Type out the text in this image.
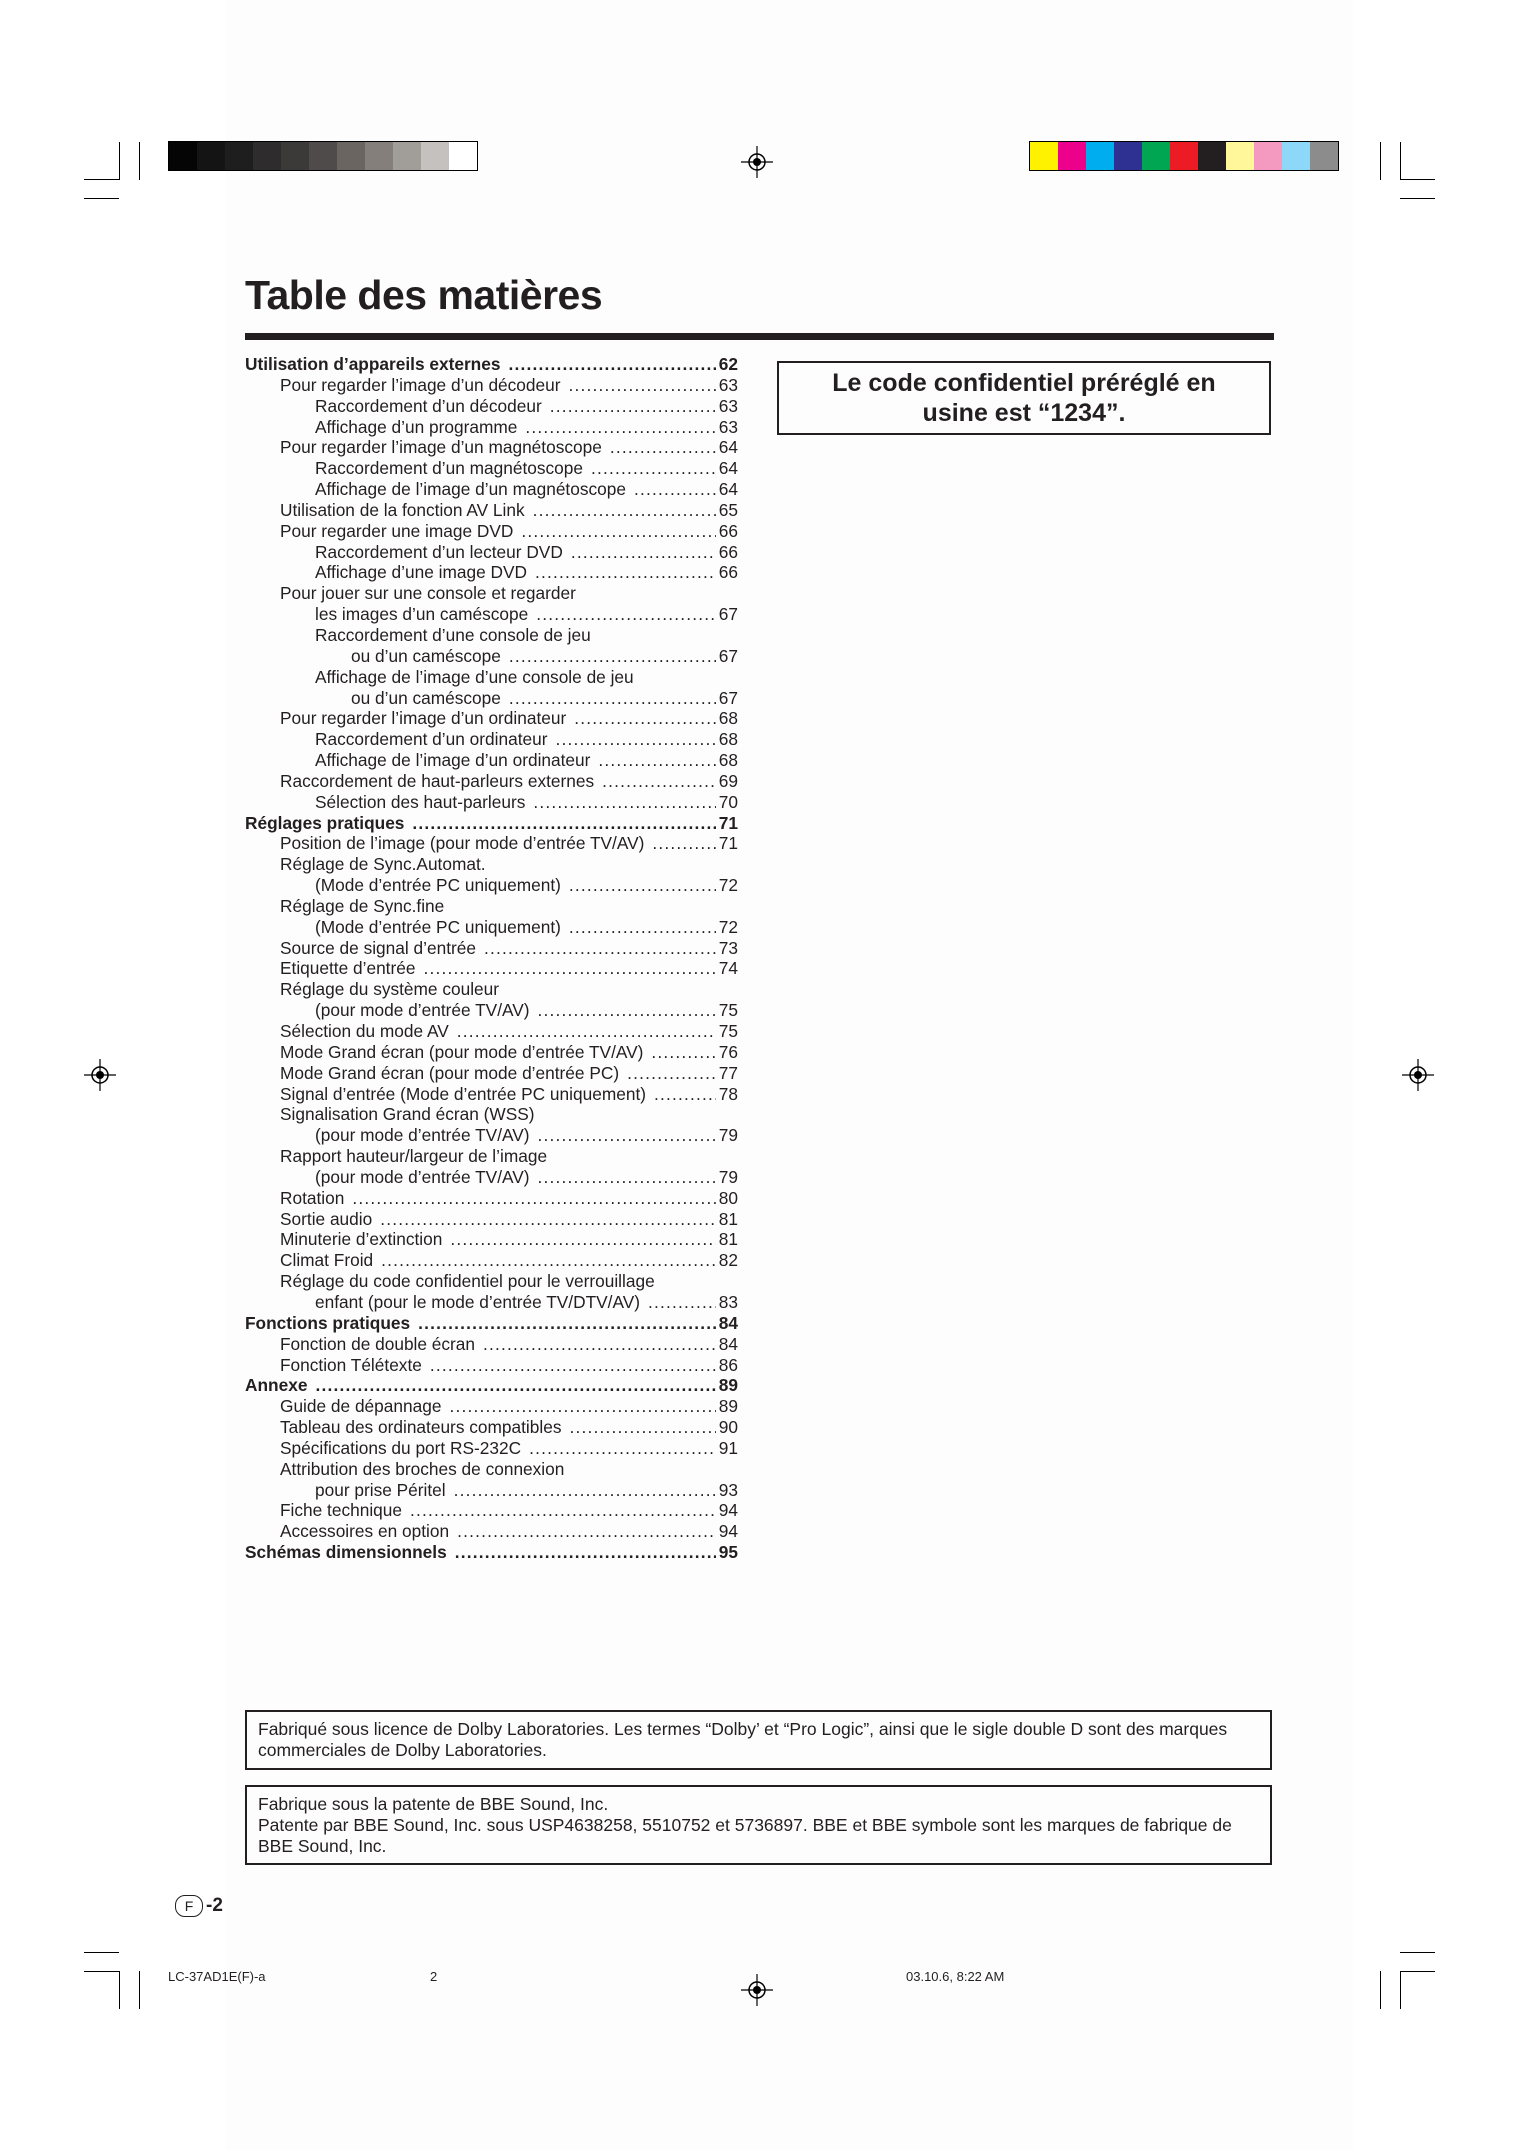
Table des matières
Utilisation d’appareils externes .....	62
Pour regarder l’image d’un décodeur .....	63
Raccordement d’un décodeur .....	63
Affichage d’un programme .....	63
Pour regarder l’image d’un magnétoscope .....	64
Raccordement d’un magnétoscope .....	64
Affichage de l’image d’un magnétoscope .....	64
Utilisation de la fonction AV Link .....	65
Pour regarder une image DVD .....	66
Raccordement d’un lecteur DVD .....	66
Affichage d’une image DVD .....	66
Pour jouer sur une console et regarder
les images d’un caméscope .....	67
Raccordement d’une console de jeu
ou d’un caméscope .....	67
Affichage de l’image d’une console de jeu
ou d’un caméscope .....	67
Pour regarder l’image d’un ordinateur .....	68
Raccordement d’un ordinateur .....	68
Affichage de l’image d’un ordinateur .....	68
Raccordement de haut-parleurs externes .....	69
Sélection des haut-parleurs .....	70
Réglages pratiques .....	71
Position de l’image (pour mode d’entrée TV/AV) .....	71
Réglage de Sync.Automat.
(Mode d’entrée PC uniquement) .....	72
Réglage de Sync.fine
(Mode d’entrée PC uniquement) .....	72
Source de signal d’entrée .....	73
Etiquette d’entrée .....	74
Réglage du système couleur
(pour mode d’entrée TV/AV) .....	75
Sélection du mode AV .....	75
Mode Grand écran (pour mode d’entrée TV/AV) .....	76
Mode Grand écran (pour mode d’entrée PC) .....	77
Signal d’entrée (Mode d’entrée PC uniquement) .....	78
Signalisation Grand écran (WSS)
(pour mode d’entrée TV/AV) .....	79
Rapport hauteur/largeur de l’image
(pour mode d’entrée TV/AV) .....	79
Rotation .....	80
Sortie audio .....	81
Minuterie d’extinction .....	81
Climat Froid .....	82
Réglage du code confidentiel pour le verrouillage
enfant (pour le mode d’entrée TV/DTV/AV) .....	83
Fonctions pratiques .....	84
Fonction de double écran .....	84
Fonction Télétexte .....	86
Annexe .....	89
Guide de dépannage .....	89
Tableau des ordinateurs compatibles .....	90
Spécifications du port RS-232C .....	91
Attribution des broches de connexion
pour prise Péritel .....	93
Fiche technique .....	94
Accessoires en option .....	94
Schémas dimensionnels .....	95
Le code confidentiel préréglé en
usine est “1234”.

Fabriqué sous licence de Dolby Laboratories. Les termes “Dolby’ et “Pro Logic”, ainsi que le sigle double D sont des marques commerciales de Dolby Laboratories.

Fabrique sous la patente de BBE Sound, Inc.

Patente par BBE Sound, Inc. sous USP4638258, 5510752 et 5736897. BBE et BBE symbole sont les marques de fabrique de BBE Sound, Inc.

F -2
LC-37AD1E(F)-a	2	03.10.6, 8:22 AM
